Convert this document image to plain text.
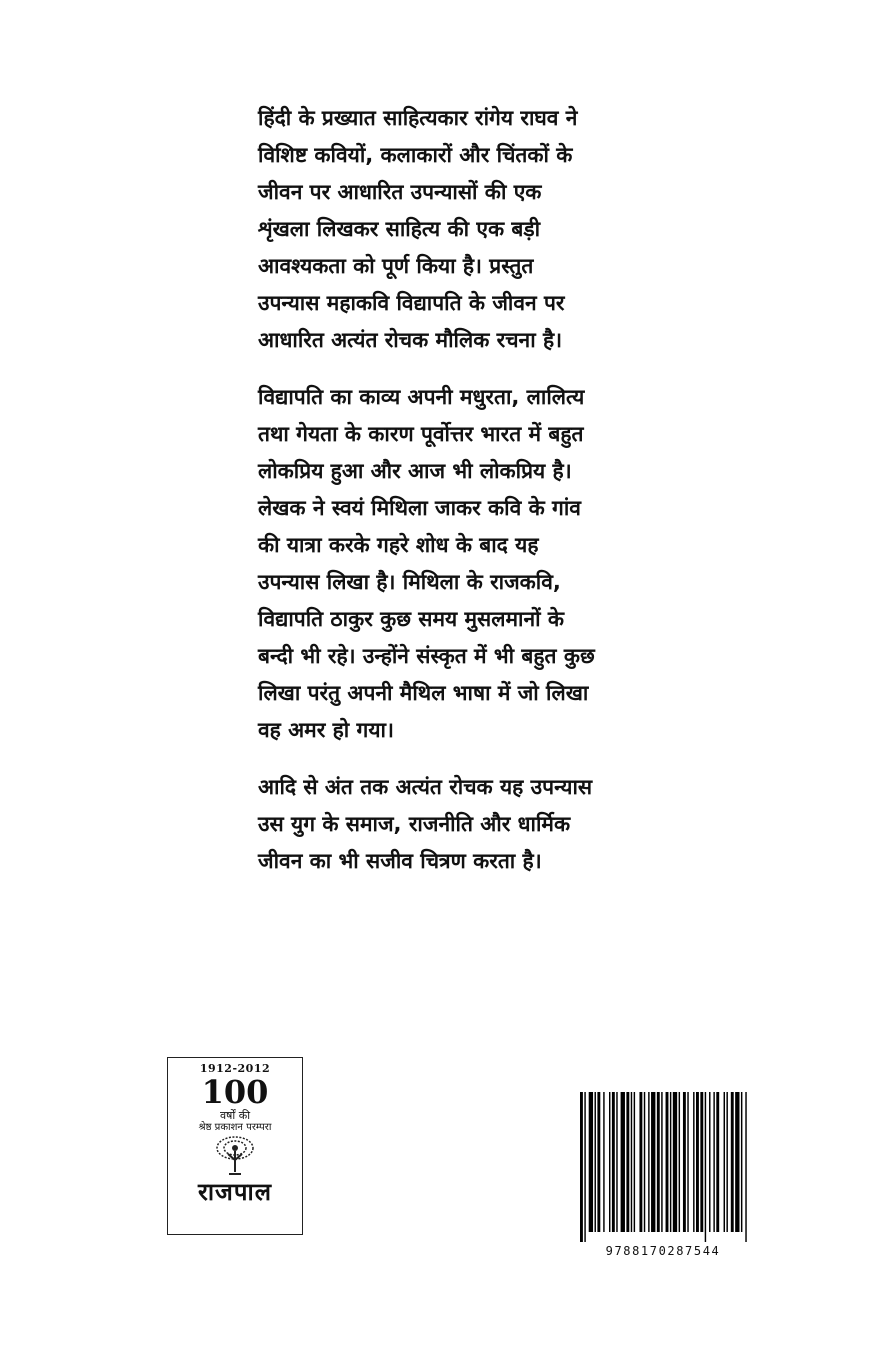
हिंदी के प्रख्यात साहित्यकार रांगेय राघव ने
विशिष्ट कवियों, कलाकारों और चिंतकों के
जीवन पर आधारित उपन्यासों की एक
शृंखला लिखकर साहित्य की एक बड़ी
आवश्यकता को पूर्ण किया है। प्रस्तुत
उपन्यास महाकवि विद्यापति के जीवन पर
आधारित अत्यंत रोचक मौलिक रचना है।

विद्यापति का काव्य अपनी मधुरता, लालित्य
तथा गेयता के कारण पूर्वोत्तर भारत में बहुत
लोकप्रिय हुआ और आज भी लोकप्रिय है।
लेखक ने स्वयं मिथिला जाकर कवि के गांव
की यात्रा करके गहरे शोध के बाद यह
उपन्यास लिखा है। मिथिला के राजकवि,
विद्यापति ठाकुर कुछ समय मुसलमानों के
बन्दी भी रहे। उन्होंने संस्कृत में भी बहुत कुछ
लिखा परंतु अपनी मैथिल भाषा में जो लिखा
वह अमर हो गया।

आदि से अंत तक अत्यंत रोचक यह उपन्यास
उस युग के समाज, राजनीति और धार्मिक
जीवन का भी सजीव चित्रण करता है।

1912-2012
100
वर्षों की
श्रेष्ठ प्रकाशन परम्परा
राजपाल
9788170287544
